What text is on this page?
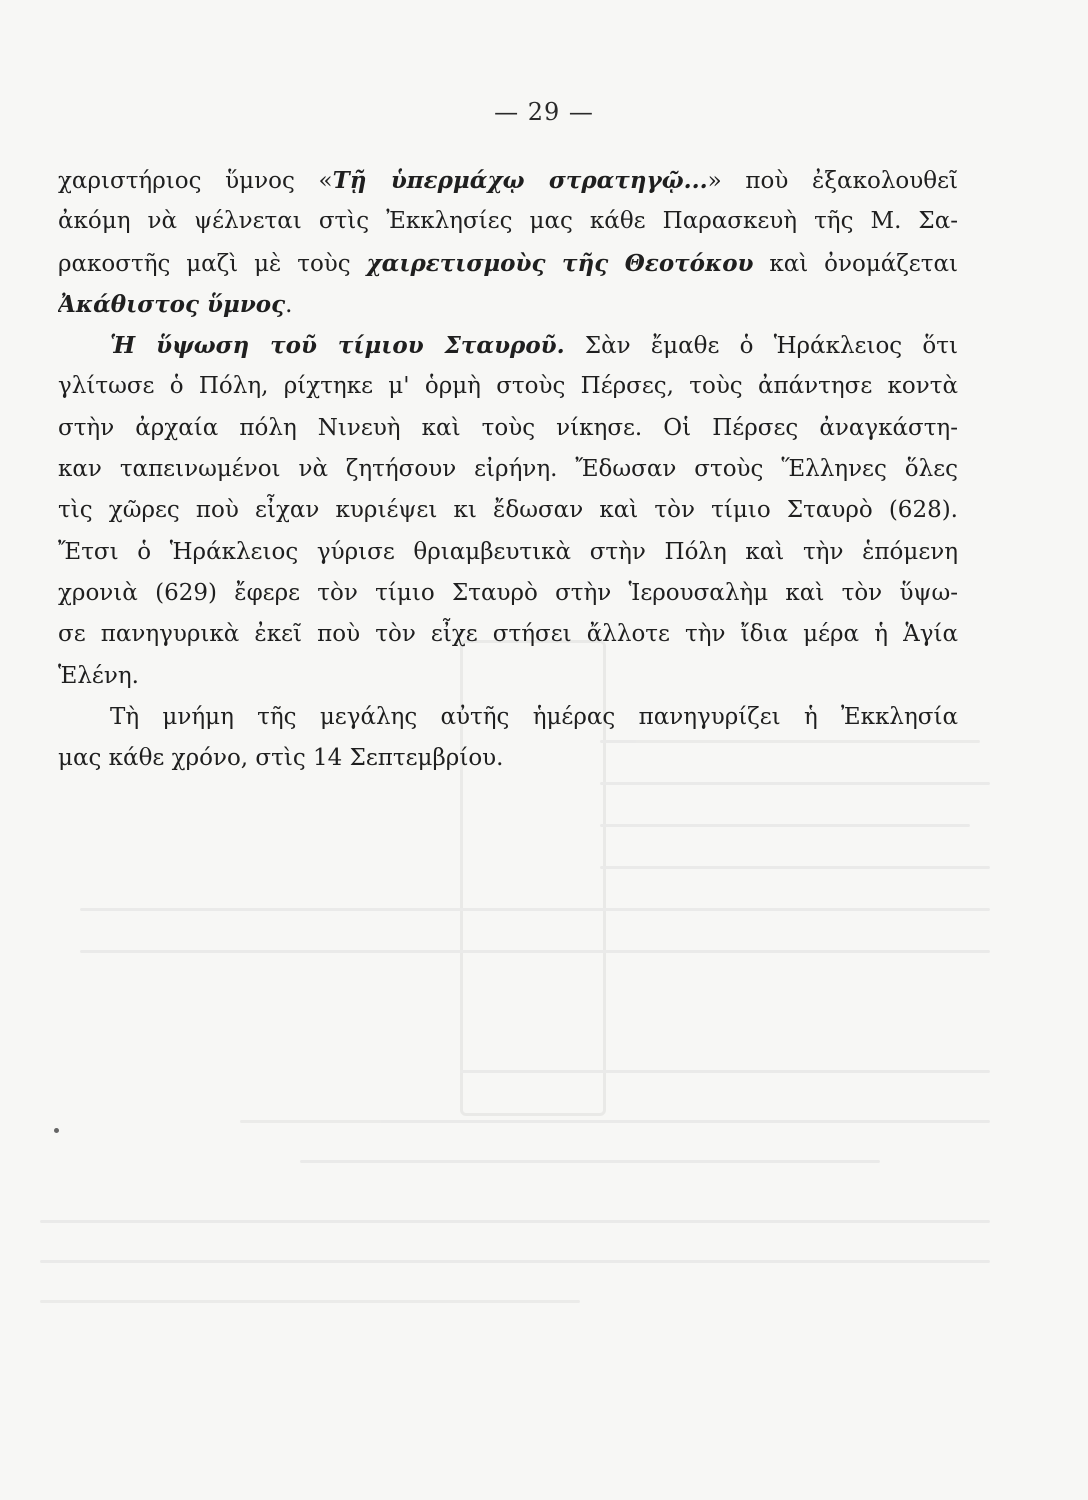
— 29 —
χαριστήριος ὕμνος «Τῇ ὑπερμάχῳ στρατηγῷ...» ποὺ ἐξακολουθεῖ
ἀκόμη νὰ ψέλνεται στὶς Ἐκκλησίες μας κάθε Παρασκευὴ τῆς Μ. Σα-
ρακοστῆς μαζὶ μὲ τοὺς χαιρετισμοὺς τῆς Θεοτόκου καὶ ὀνομάζεται
Ἀκάθιστος ὕμνος.
Ἡ ὕψωση τοῦ τίμιου Σταυροῦ. Σὰν ἔμαθε ὁ Ἡράκλειος ὅτι
γλίτωσε ὁ Πόλη, ρίχτηκε μ' ὁρμὴ στοὺς Πέρσες, τοὺς ἀπάντησε κοντὰ
στὴν ἀρχαία πόλη Νινευὴ καὶ τοὺς νίκησε. Οἱ Πέρσες ἀναγκάστη-
καν ταπεινωμένοι νὰ ζητήσουν εἰρήνη. Ἔδωσαν στοὺς Ἕλληνες ὅλες
τὶς χῶρες ποὺ εἶχαν κυριέψει κι ἔδωσαν καὶ τὸν τίμιο Σταυρὸ (628).
Ἔτσι ὁ Ἡράκλειος γύρισε θριαμβευτικὰ στὴν Πόλη καὶ τὴν ἑπόμενη
χρονιὰ (629) ἔφερε τὸν τίμιο Σταυρὸ στὴν Ἱερουσαλὴμ καὶ τὸν ὕψω-
σε πανηγυρικὰ ἐκεῖ ποὺ τὸν εἶχε στήσει ἄλλοτε τὴν ἴδια μέρα ἡ Ἁγία
Ἑλένη.
Τὴ μνήμη τῆς μεγάλης αὐτῆς ἡμέρας πανηγυρίζει ἡ Ἐκκλησία
μας κάθε χρόνο, στὶς 14 Σεπτεμβρίου.
